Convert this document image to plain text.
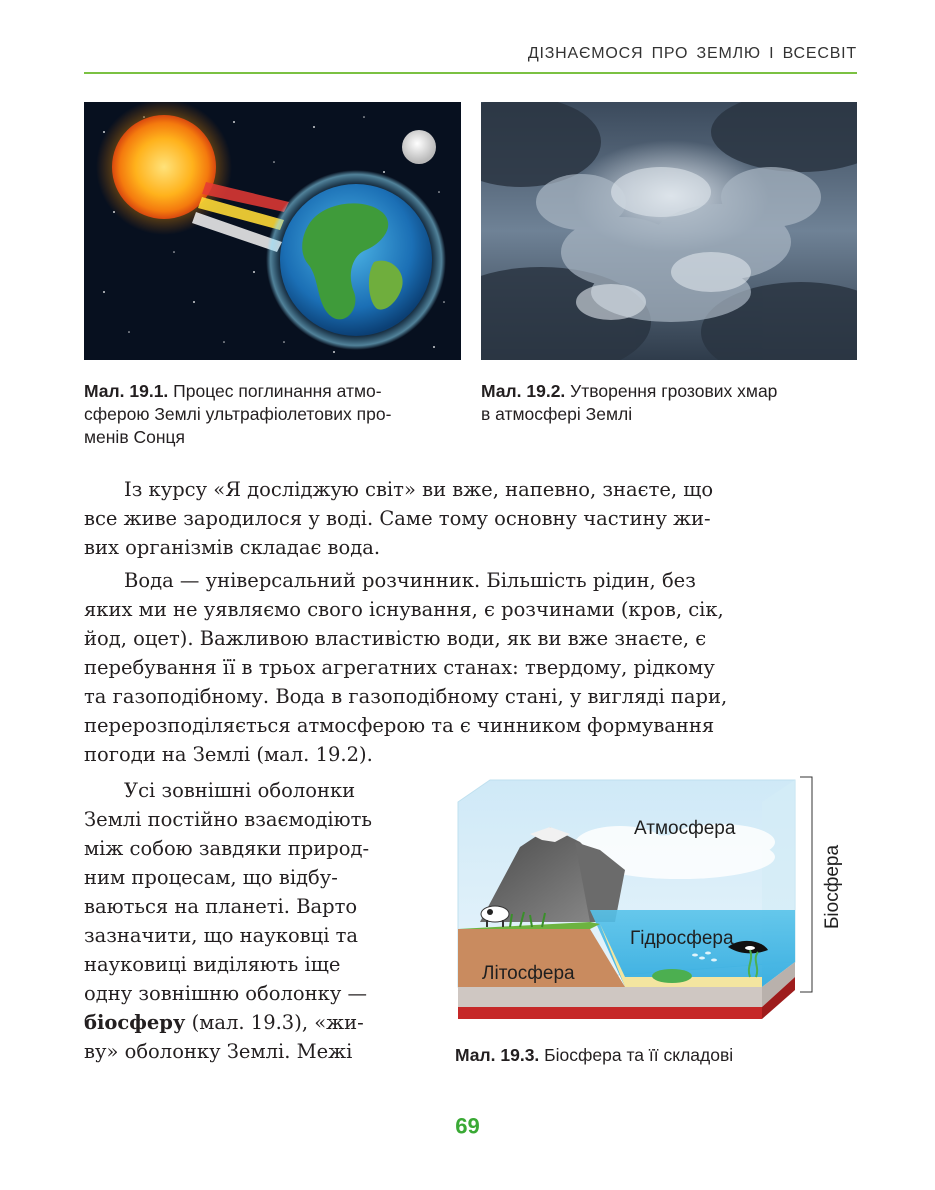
ДІЗНАЄМОСЯ ПРО ЗЕМЛЮ І ВСЕСВІТ
Мал. 19.1. Процес поглинання атмо-
сферою Землі ультрафіолетових про-
менів Сонця
Мал. 19.2. Утворення грозових хмар
в атмосфері Землі
Із курсу «Я досліджую світ» ви вже, напевно, знаєте, що
все живе зародилося у воді. Саме тому основну частину жи-
вих організмів складає вода.
Вода — універсальний розчинник. Більшість рідин, без
яких ми не уявляємо свого існування, є розчинами (кров, сік,
йод, оцет). Важливою властивістю води, як ви вже знаєте, є
перебування її в трьох агрегатних станах: твердому, рідкому
та газоподібному. Вода в газоподібному стані, у вигляді пари,
перерозподіляється атмосферою та є чинником формування
погоди на Землі (мал. 19.2).
Усі зовнішні оболонки
Землі постійно взаємодіють
між собою завдяки природ-
ним процесам, що відбу-
ваються на планеті. Варто
зазначити, що науковці та
науковиці виділяють іще
одну зовнішню оболонку —
біосферу (мал. 19.3), «жи-
ву» оболонку Землі. Межі
Атмосфера
Гідросфера
Літосфера
Біосфера
Мал. 19.3. Біосфера та її складові
69
